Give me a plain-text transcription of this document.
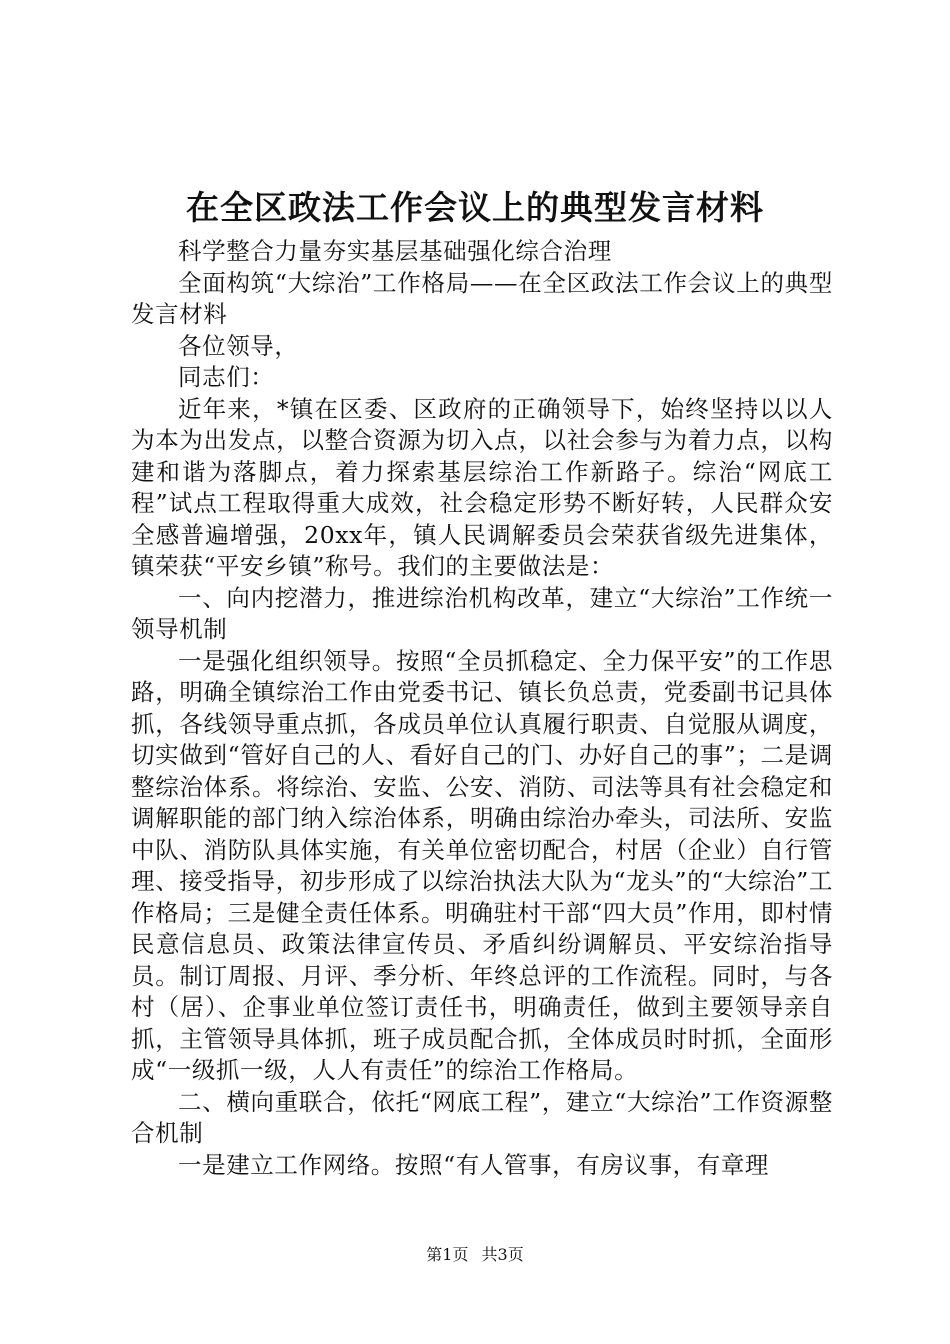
在全区政法工作会议上的典型发言材料

科学整合力量夯实基层基础强化综合治理

全面构筑“大综治”工作格局——在全区政法工作会议上的典型发言材料

各位领导，

同志们：

近年来，*镇在区委、区政府的正确领导下，始终坚持以以人为本为出发点，以整合资源为切入点，以社会参与为着力点，以构建和谐为落脚点，着力探索基层综治工作新路子。综治“网底工程”试点工程取得重大成效，社会稳定形势不断好转，人民群众安全感普遍增强，20xx年，镇人民调解委员会荣获省级先进集体，镇荣获“平安乡镇”称号。我们的主要做法是：

一、向内挖潜力，推进综治机构改革，建立“大综治”工作统一领导机制

一是强化组织领导。按照“全员抓稳定、全力保平安”的工作思路，明确全镇综治工作由党委书记、镇长负总责，党委副书记具体抓，各线领导重点抓，各成员单位认真履行职责、自觉服从调度，切实做到“管好自己的人、看好自己的门、办好自己的事”；二是调整综治体系。将综治、安监、公安、消防、司法等具有社会稳定和调解职能的部门纳入综治体系，明确由综治办牵头，司法所、安监中队、消防队具体实施，有关单位密切配合，村居（企业）自行管理、接受指导，初步形成了以综治执法大队为“龙头”的“大综治”工作格局；三是健全责任体系。明确驻村干部“四大员”作用，即村情民意信息员、政策法律宣传员、矛盾纠纷调解员、平安综治指导员。制订周报、月评、季分析、年终总评的工作流程。同时，与各村（居）、企事业单位签订责任书，明确责任，做到主要领导亲自抓，主管领导具体抓，班子成员配合抓，全体成员时时抓，全面形成“一级抓一级，人人有责任”的综治工作格局。

二、横向重联合，依托“网底工程”，建立“大综治”工作资源整合机制

一是建立工作网络。按照“有人管事，有房议事，有章理

第1页 共3页
